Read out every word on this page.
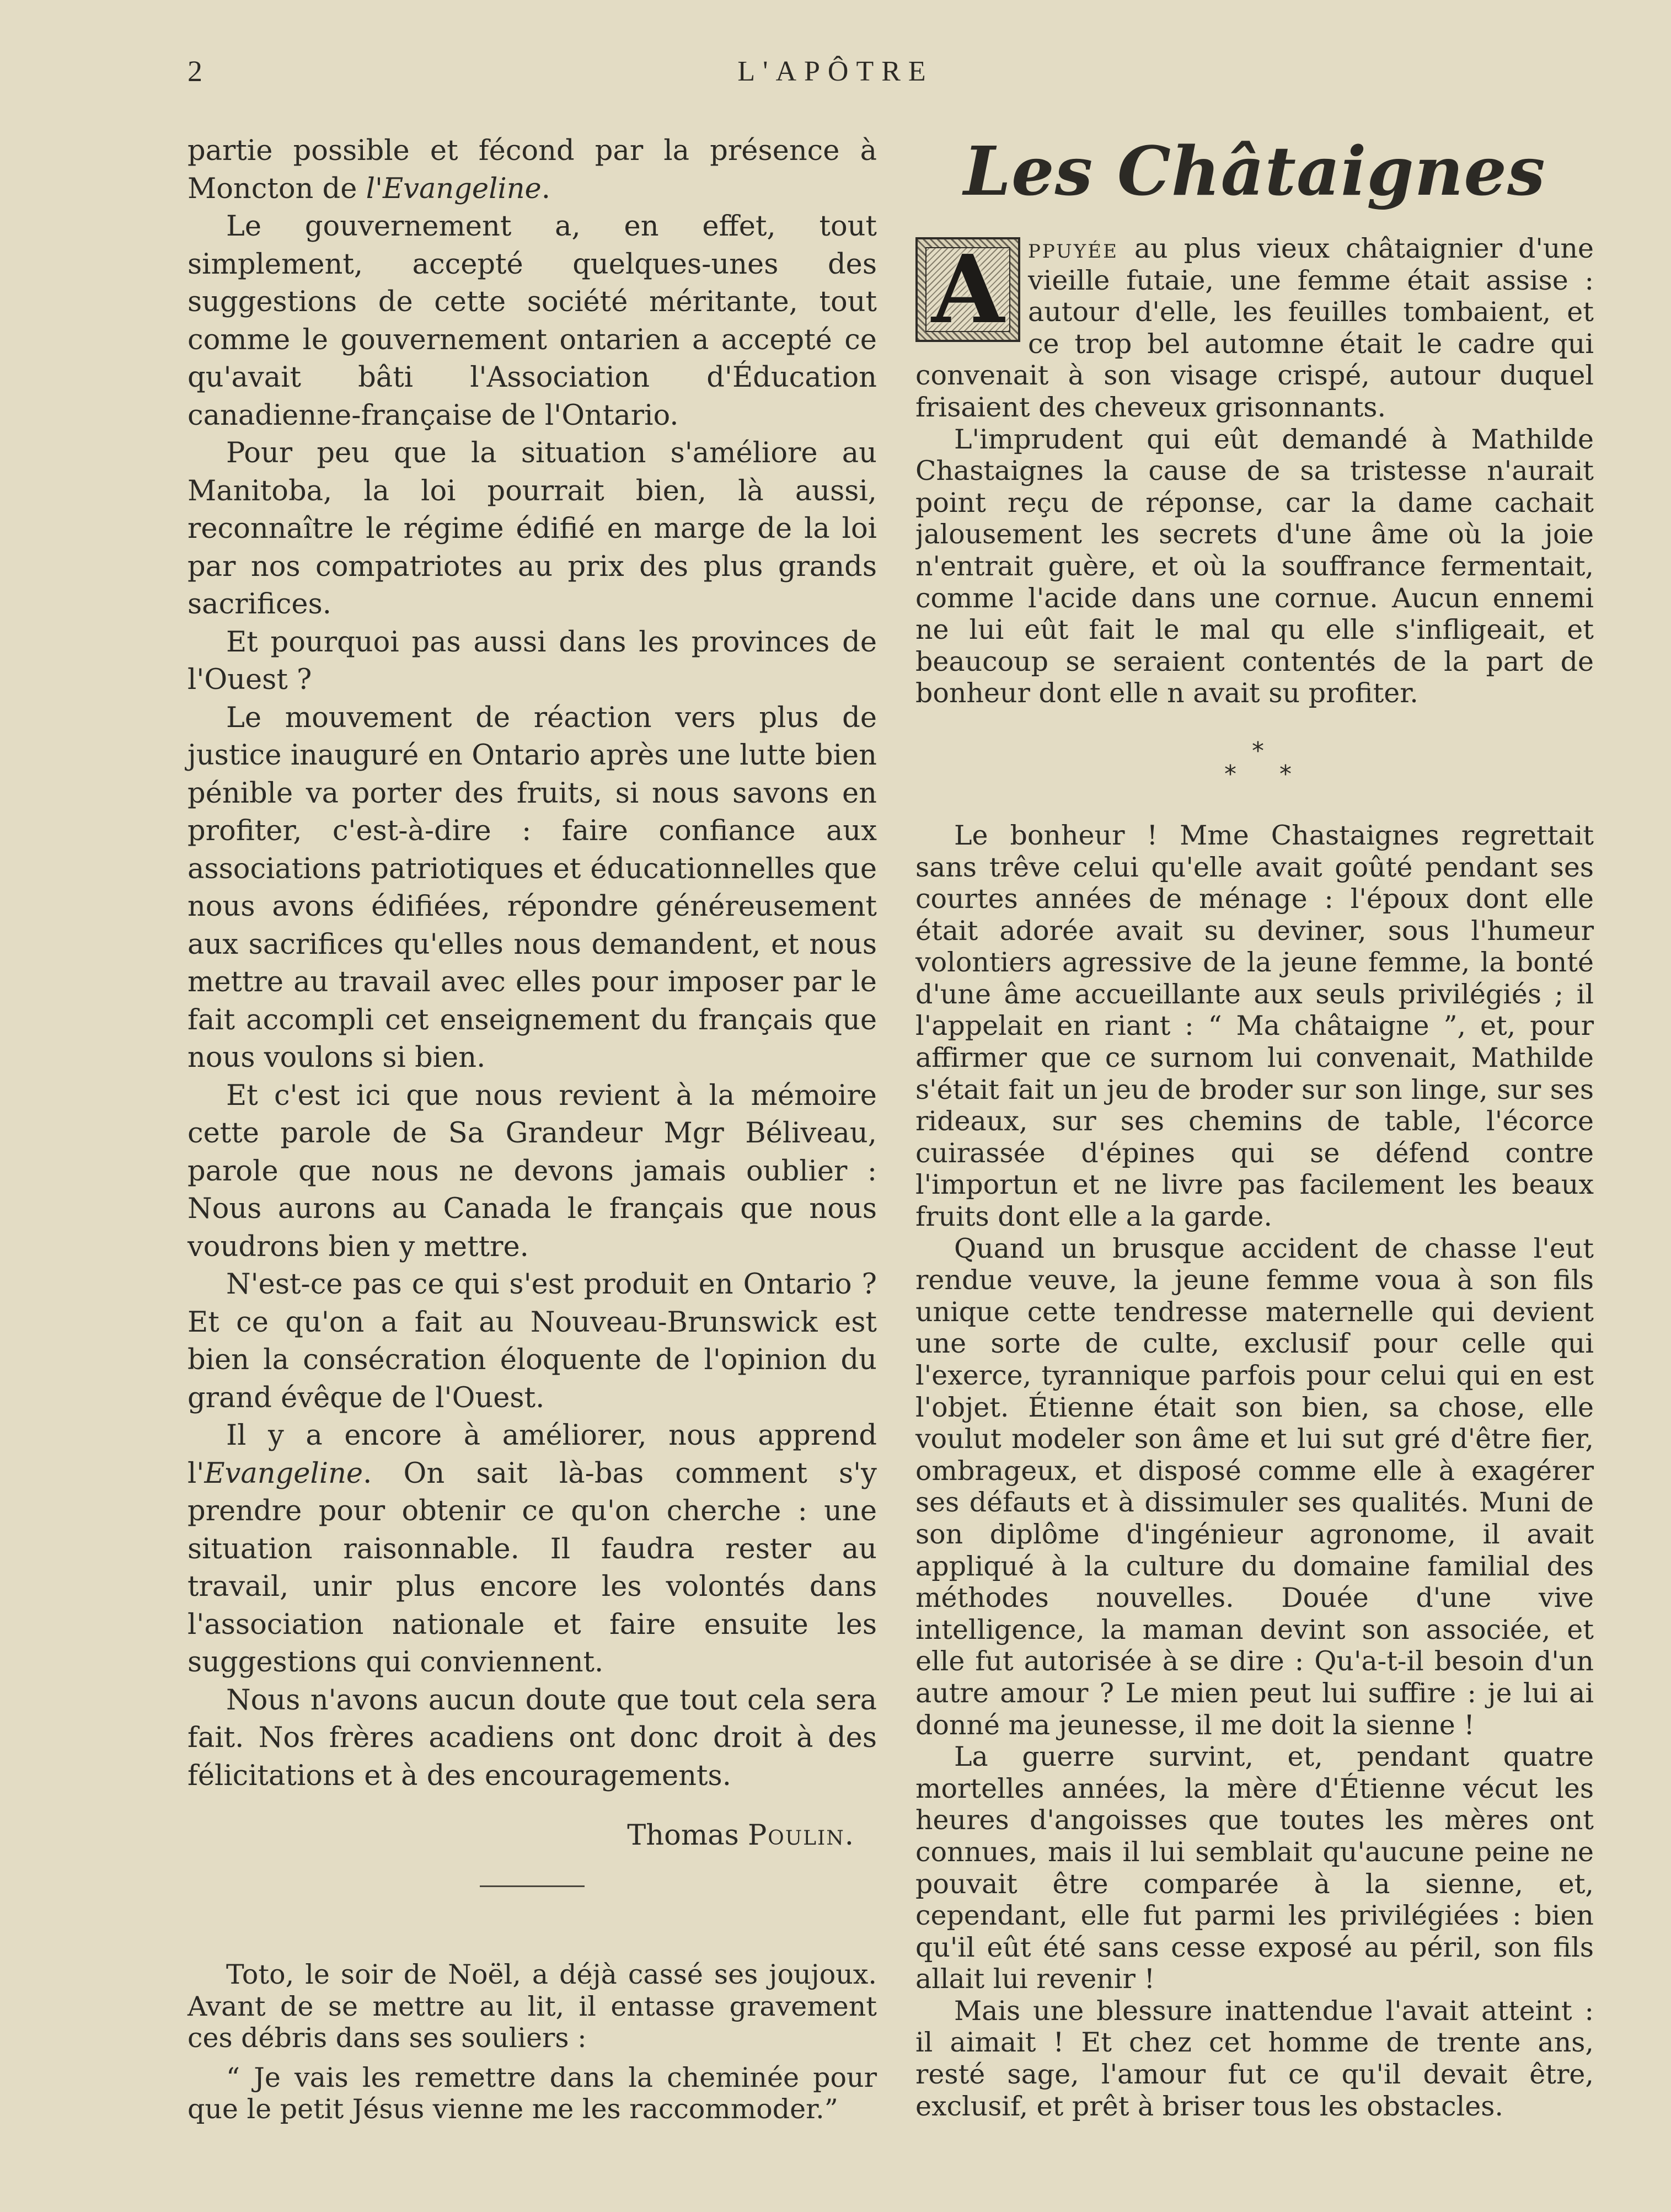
2	L'APÔTRE

partie possible et fécond par la présence à Moncton de l'Evangeline.

Le gouvernement a, en effet, tout simplement, accepté quelques-unes des suggestions de cette société méritante, tout comme le gouvernement ontarien a accepté ce qu'avait bâti l'Association d'Éducation canadienne-française de l'Ontario.

Pour peu que la situation s'améliore au Manitoba, la loi pourrait bien, là aussi, reconnaître le régime édifié en marge de la loi par nos compatriotes au prix des plus grands sacrifices.

Et pourquoi pas aussi dans les provinces de l'Ouest ?

Le mouvement de réaction vers plus de justice inauguré en Ontario après une lutte bien pénible va porter des fruits, si nous savons en profiter, c'est-à-dire : faire confiance aux associations patriotiques et éducationnelles que nous avons édifiées, répondre généreusement aux sacrifices qu'elles nous demandent, et nous mettre au travail avec elles pour imposer par le fait accompli cet enseignement du français que nous voulons si bien.

Et c'est ici que nous revient à la mémoire cette parole de Sa Grandeur Mgr Béliveau, parole que nous ne devons jamais oublier : Nous aurons au Canada le français que nous voudrons bien y mettre.

N'est-ce pas ce qui s'est produit en Ontario ? Et ce qu'on a fait au Nouveau-Brunswick est bien la consécration éloquente de l'opinion du grand évêque de l'Ouest.

Il y a encore à améliorer, nous apprend l'Evangeline. On sait là-bas comment s'y prendre pour obtenir ce qu'on cherche : une situation raisonnable. Il faudra rester au travail, unir plus encore les volontés dans l'association nationale et faire ensuite les suggestions qui conviennent.

Nous n'avons aucun doute que tout cela sera fait. Nos frères acadiens ont donc droit à des félicitations et à des encouragements.

Thomas Poulin.

Toto, le soir de Noël, a déjà cassé ses joujoux. Avant de se mettre au lit, il entasse gravement ces débris dans ses souliers :

“ Je vais les remettre dans la cheminée pour que le petit Jésus vienne me les raccommoder.”

Les Châtaignes
A ppuyée au plus vieux châtaignier d'une vieille futaie, une femme était assise : autour d'elle, les feuilles tombaient, et ce trop bel automne était le cadre qui convenait à son visage crispé, autour duquel frisaient des cheveux grisonnants.

L'imprudent qui eût demandé à Mathilde Chastaignes la cause de sa tristesse n'aurait point reçu de réponse, car la dame cachait jalousement les secrets d'une âme où la joie n'entrait guère, et où la souffrance fermentait, comme l'acide dans une cornue. Aucun ennemi ne lui eût fait le mal qu elle s'infligeait, et beaucoup se seraient contentés de la part de bonheur dont elle n avait su profiter.

*
* *

Le bonheur ! Mme Chastaignes regrettait sans trêve celui qu'elle avait goûté pendant ses courtes années de ménage : l'époux dont elle était adorée avait su deviner, sous l'humeur volontiers agressive de la jeune femme, la bonté d'une âme accueillante aux seuls privilégiés ; il l'appelait en riant : “ Ma châtaigne ”, et, pour affirmer que ce surnom lui convenait, Mathilde s'était fait un jeu de broder sur son linge, sur ses rideaux, sur ses chemins de table, l'écorce cuirassée d'épines qui se défend contre l'importun et ne livre pas facilement les beaux fruits dont elle a la garde.

Quand un brusque accident de chasse l'eut rendue veuve, la jeune femme voua à son fils unique cette tendresse maternelle qui devient une sorte de culte, exclusif pour celle qui l'exerce, tyrannique parfois pour celui qui en est l'objet. Étienne était son bien, sa chose, elle voulut modeler son âme et lui sut gré d'être fier, ombrageux, et disposé comme elle à exagérer ses défauts et à dissimuler ses qualités. Muni de son diplôme d'ingénieur agronome, il avait appliqué à la culture du domaine familial des méthodes nouvelles. Douée d'une vive intelligence, la maman devint son associée, et elle fut autorisée à se dire : Qu'a-t-il besoin d'un autre amour ? Le mien peut lui suffire : je lui ai donné ma jeunesse, il me doit la sienne !

La guerre survint, et, pendant quatre mortelles années, la mère d'Étienne vécut les heures d'angoisses que toutes les mères ont connues, mais il lui semblait qu'aucune peine ne pouvait être comparée à la sienne, et, cependant, elle fut parmi les privilégiées : bien qu'il eût été sans cesse exposé au péril, son fils allait lui revenir !

Mais une blessure inattendue l'avait atteint : il aimait ! Et chez cet homme de trente ans, resté sage, l'amour fut ce qu'il devait être, exclusif, et prêt à briser tous les obstacles.
